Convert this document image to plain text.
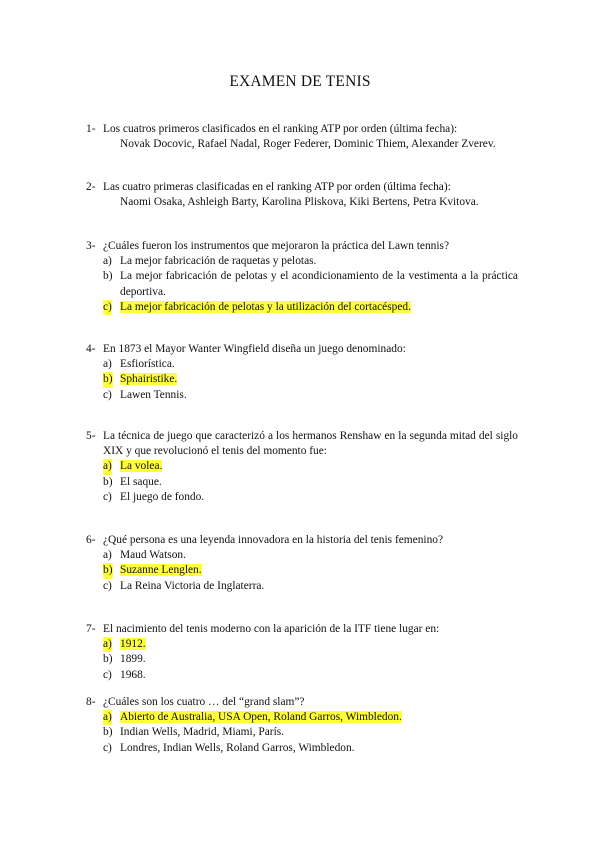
EXAMEN DE TENIS
1- Los cuatros primeros clasificados en el ranking ATP por orden (última fecha):
Novak Docovic, Rafael Nadal, Roger Federer, Dominic Thiem, Alexander Zverev.
2- Las cuatro primeras clasificadas en el ranking ATP por orden (última fecha):
Naomi Osaka, Ashleigh Barty, Karolina Pliskova, Kiki Bertens, Petra Kvitova.
3- ¿Cuáles fueron los instrumentos que mejoraron la práctica del Lawn tennis?
a) La mejor fabricación de raquetas y pelotas.
b) La mejor fabricación de pelotas y el acondicionamiento de la vestimenta a la práctica deportiva.
c) La mejor fabricación de pelotas y la utilización del cortacésped.
4- En 1873 el Mayor Wanter Wingfield diseña un juego denominado:
a) Esfiorística.
b) Sphairistike.
c) Lawen Tennis.
5- La técnica de juego que caracterizó a los hermanos Renshaw en la segunda mitad del siglo XIX y que revolucionó el tenis del momento fue:
a) La volea.
b) El saque.
c) El juego de fondo.
6- ¿Qué persona es una leyenda innovadora en la historia del tenis femenino?
a) Maud Watson.
b) Suzanne Lenglen.
c) La Reina Victoria de Inglaterra.
7- El nacimiento del tenis moderno con la aparición de la ITF tiene lugar en:
a) 1912.
b) 1899.
c) 1968.
8- ¿Cuáles son los cuatro … del “grand slam”?
a) Abierto de Australia, USA Open, Roland Garros, Wimbledon.
b) Indian Wells, Madrid, Miami, París.
c) Londres, Indian Wells, Roland Garros, Wimbledon.
